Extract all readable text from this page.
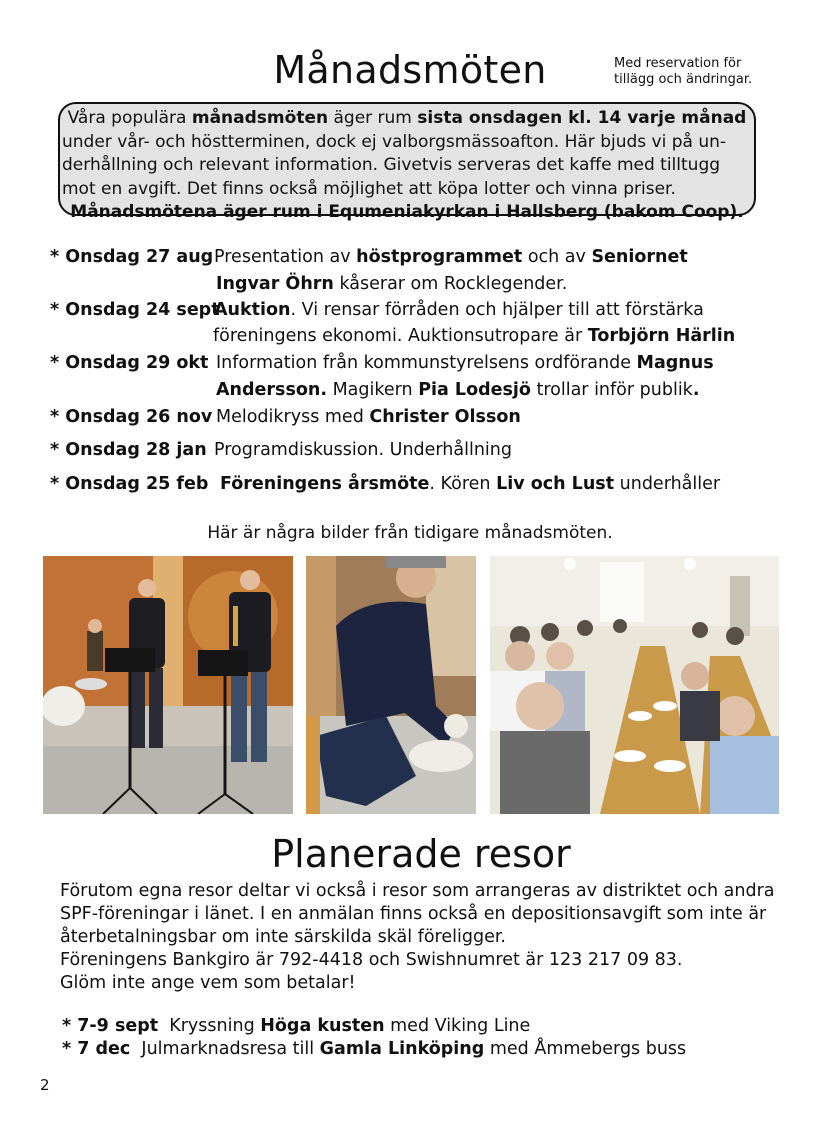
Månadsmöten	Med reservation för
tillägg och ändringar.
Våra populära månadsmöten äger rum sista onsdagen kl. 14 varje månad
under vår- och höstterminen, dock ej valborgsmässoafton. Här bjuds vi på un-
derhållning och relevant information. Givetvis serveras det kaffe med tilltugg
mot en avgift. Det finns också möjlighet att köpa lotter och vinna priser.
Månadsmötena äger rum i Equmeniakyrkan i Hallsberg (bakom Coop).
* Onsdag 27 aug Presentation av höstprogrammet och av Seniornet
Ingvar Öhrn kåserar om Rocklegender.
* Onsdag 24 sept
Auktion. Vi rensar förråden och hjälper till att förstärka
föreningens ekonomi. Auktionsutropare är Torbjörn Härlin
* Onsdag 29 okt Information från kommunstyrelsens ordförande Magnus
Andersson. Magikern Pia Lodesjö trollar inför publik.
* Onsdag 26 nov Melodikryss med Christer Olsson
* Onsdag 28 jan Programdiskussion. Underhållning
* Onsdag 25 feb Föreningens årsmöte. Kören Liv och Lust underhåller
Här är några bilder från tidigare månadsmöten.
Planerade resor
Förutom egna resor deltar vi också i resor som arrangeras av distriktet och andra
SPF-föreningar i länet. I en anmälan finns också en depositionsavgift som inte är
återbetalningsbar om inte särskilda skäl föreligger.
Föreningens Bankgiro är 792-4418 och Swishnumret är 123 217 09 83.
Glöm inte ange vem som betalar!
* 7-9 sept  Kryssning Höga kusten med Viking Line
* 7 dec  Julmarknadsresa till Gamla Linköping med Åmmebergs buss
2
